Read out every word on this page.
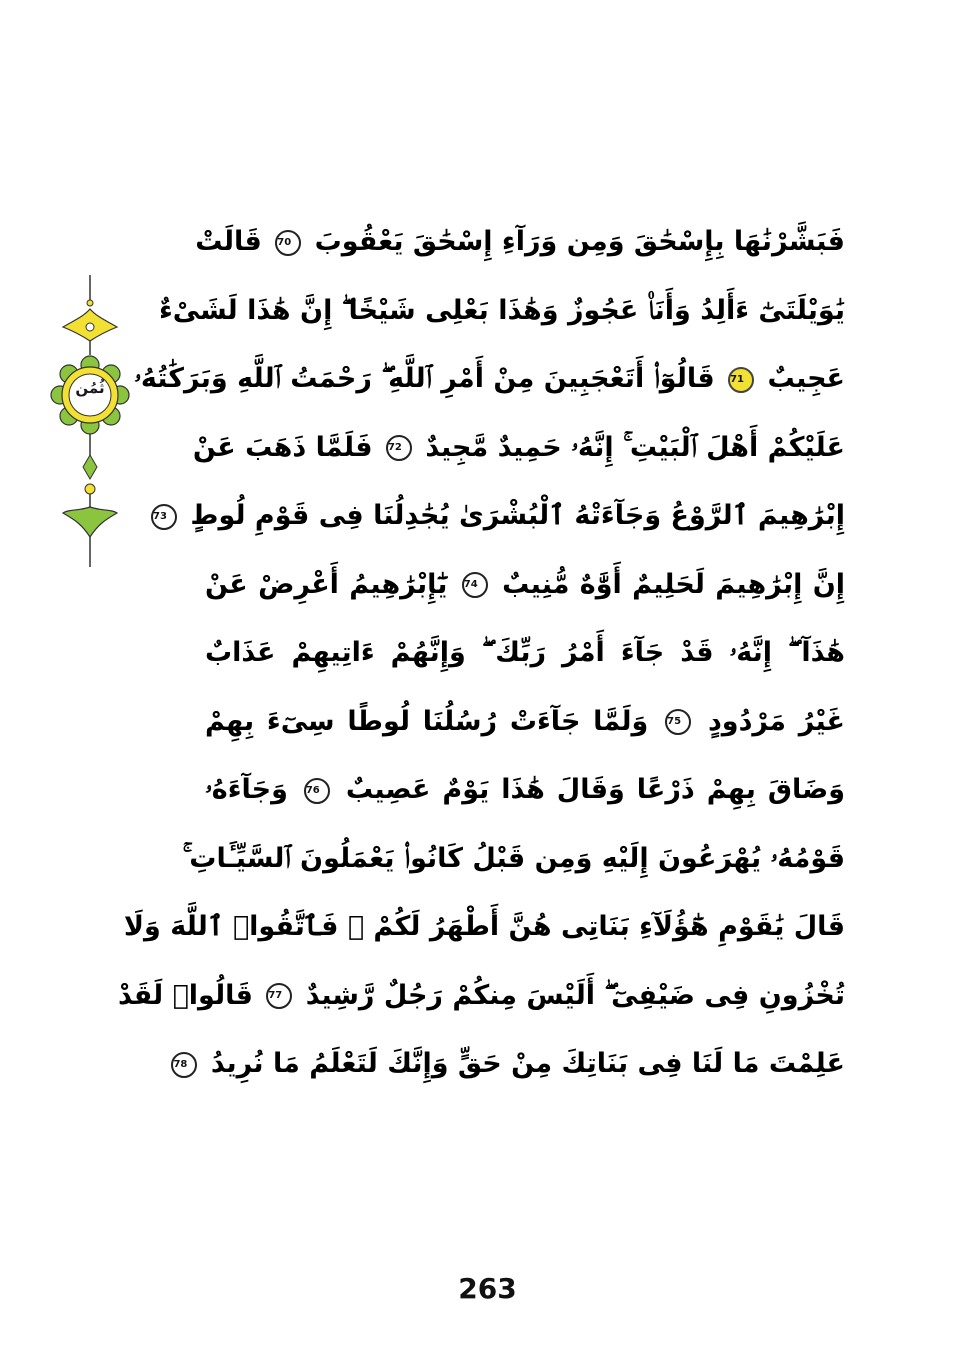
ثُمُن
فَبَشَّرْنَٰهَا بِإِسْحَٰقَ وَمِن وَرَآءِ إِسْحَٰقَ يَعْقُوبَ 70 قَالَتْ
يَٰوَيْلَتَىٰٓ ءَأَلِدُ وَأَنَا۠ عَجُوزٌ وَهَٰذَا بَعْلِى شَيْخًا ۖ إِنَّ هَٰذَا لَشَىْءٌ
عَجِيبٌ 71 قَالُوٓا۟ أَتَعْجَبِينَ مِنْ أَمْرِ ٱللَّهِ ۖ رَحْمَتُ ٱللَّهِ وَبَرَكَٰتُهُۥ
عَلَيْكُمْ أَهْلَ ٱلْبَيْتِ ۚ إِنَّهُۥ حَمِيدٌ مَّجِيدٌ 72 فَلَمَّا ذَهَبَ عَنْ
إِبْرَٰهِيمَ ٱلرَّوْعُ وَجَآءَتْهُ ٱلْبُشْرَىٰ يُجَٰدِلُنَا فِى قَوْمِ لُوطٍ 73
إِنَّ إِبْرَٰهِيمَ لَحَلِيمٌ أَوَّٰهٌ مُّنِيبٌ 74 يَٰٓإِبْرَٰهِيمُ أَعْرِضْ عَنْ
هَٰذَآ ۖ إِنَّهُۥ قَدْ جَآءَ أَمْرُ رَبِّكَ ۖ وَإِنَّهُمْ ءَاتِيهِمْ عَذَابٌ
غَيْرُ مَرْدُودٍ 75 وَلَمَّا جَآءَتْ رُسُلُنَا لُوطًا سِىٓءَ بِهِمْ
وَضَاقَ بِهِمْ ذَرْعًا وَقَالَ هَٰذَا يَوْمٌ عَصِيبٌ 76 وَجَآءَهُۥ
قَوْمُهُۥ يُهْرَعُونَ إِلَيْهِ وَمِن قَبْلُ كَانُوا۟ يَعْمَلُونَ ٱلسَّيِّـَٔاتِ ۚ
قَالَ يَٰقَوْمِ هَٰٓؤُلَآءِ بَنَاتِى هُنَّ أَطْهَرُ لَكُمْ ۖ فَٱتَّقُوا۟ ٱللَّهَ وَلَا
تُخْزُونِ فِى ضَيْفِىٓ ۖ أَلَيْسَ مِنكُمْ رَجُلٌ رَّشِيدٌ 77 قَالُوا۟ لَقَدْ
عَلِمْتَ مَا لَنَا فِى بَنَاتِكَ مِنْ حَقٍّ وَإِنَّكَ لَتَعْلَمُ مَا نُرِيدُ 78
263
